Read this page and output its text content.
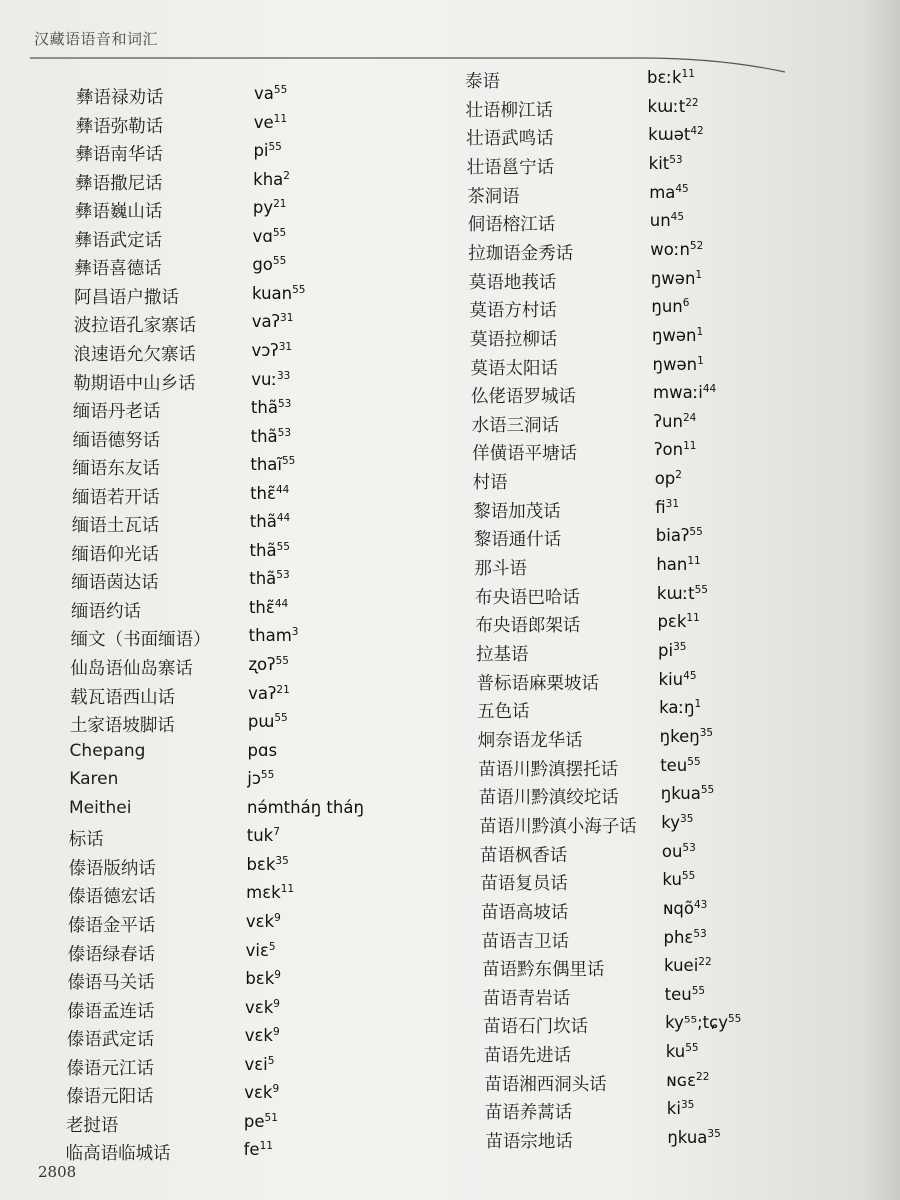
汉藏语语音和词汇
彝语禄劝话	$va^{55}$
彝语弥勒话	$ve^{11}$
彝语南华话	$pi^{55}$
彝语撒尼话	kha$^2$
彝语巍山话	$py^{21}$
彝语武定话	vɑ$^{55}$
彝语喜德话	$go^{55}$
阿昌语户撒话	kuan$^{55}$
波拉语孔家寨话	vaʔ$^{31}$
浪速语允欠寨话	vɔʔ$^{31}$
勒期语中山乡话	vuː$^{33}$
缅语丹老话	thã$^{53}$
缅语德努话	thã$^{53}$
缅语东友话	thaĩ$^{55}$
缅语若开话	thɛ̃$^{44}$
缅语土瓦话	thã$^{44}$
缅语仰光话	thã$^{55}$
缅语茵达话	thã$^{53}$
缅语约话	thɛ̃$^{44}$
缅文（书面缅语） tham$^3$
仙岛语仙岛寨话	ʐoʔ$^{55}$
载瓦语西山话	vaʔ$^{21}$
土家语坡脚话	pɯ$^{55}$
Chepang	pɑs
Karen	jɔ$^{55}$
Meithei	nə́mtháŋ tháŋ
标话	tuk$^7$
傣语版纳话	bɛk$^{35}$
傣语德宏话	mɛk$^{11}$
傣语金平话	vɛk$^9$
傣语绿春话	viɛ$^5$
傣语马关话	bɛk$^9$
傣语孟连话	vɛk$^9$
傣语武定话	vɛk$^9$
傣语元江话	vɛi$^5$
傣语元阳话	vɛk$^9$
老挝语	$pe^{51}$
临高语临城话	$fe^{11}$
泰语	bɛːk$^{11}$
壮语柳江话	kɯːt$^{22}$
壮语武鸣话	kɯət$^{42}$
壮语邕宁话	kit$^{53}$
茶洞语	$ma^{45}$
侗语榕江话	$un^{45}$
拉珈语金秀话	woːn$^{52}$
莫语地莪话	ŋwən$^1$
莫语方村话	ŋun$^6$
莫语拉柳话	ŋwən$^1$
莫语太阳话	ŋwən$^1$
仫佬语罗城话	mwaːi$^{44}$
水语三洞话	ʔun$^{24}$
佯僙语平塘话	ʔon$^{11}$
村语	$op^2$
黎语加茂话	$fi^{31}$
黎语通什话	biaʔ$^{55}$
那斗语	han$^{11}$
布央语巴哈话	kɯːt$^{55}$
布央语郎架话	pɛk$^{11}$
拉基语	$pi^{35}$
普标语麻栗坡话	kiu$^{45}$
五色话	kaːŋ$^1$
炯奈语龙华话	ŋkeŋ$^{35}$
苗语川黔滇摆托话	teu$^{55}$
苗语川黔滇绞坨话	ŋkua$^{55}$
苗语川黔滇小海子话 $ky^{35}$
苗语枫香话	$ou^{53}$
苗语复员话	$ku^{55}$
苗语高坡话	ɴqõ$^{43}$
苗语吉卫话	phɛ$^{53}$
苗语黔东偶里话	kuei$^{22}$
苗语青岩话	teu$^{55}$
苗语石门坎话	ky⁵⁵;tɕy$^{55}$
苗语先进话	$ku^{55}$
苗语湘西洞头话	ɴɢɛ$^{22}$
苗语养蒿话	$ki^{35}$
苗语宗地话	ŋkua$^{35}$
2808
